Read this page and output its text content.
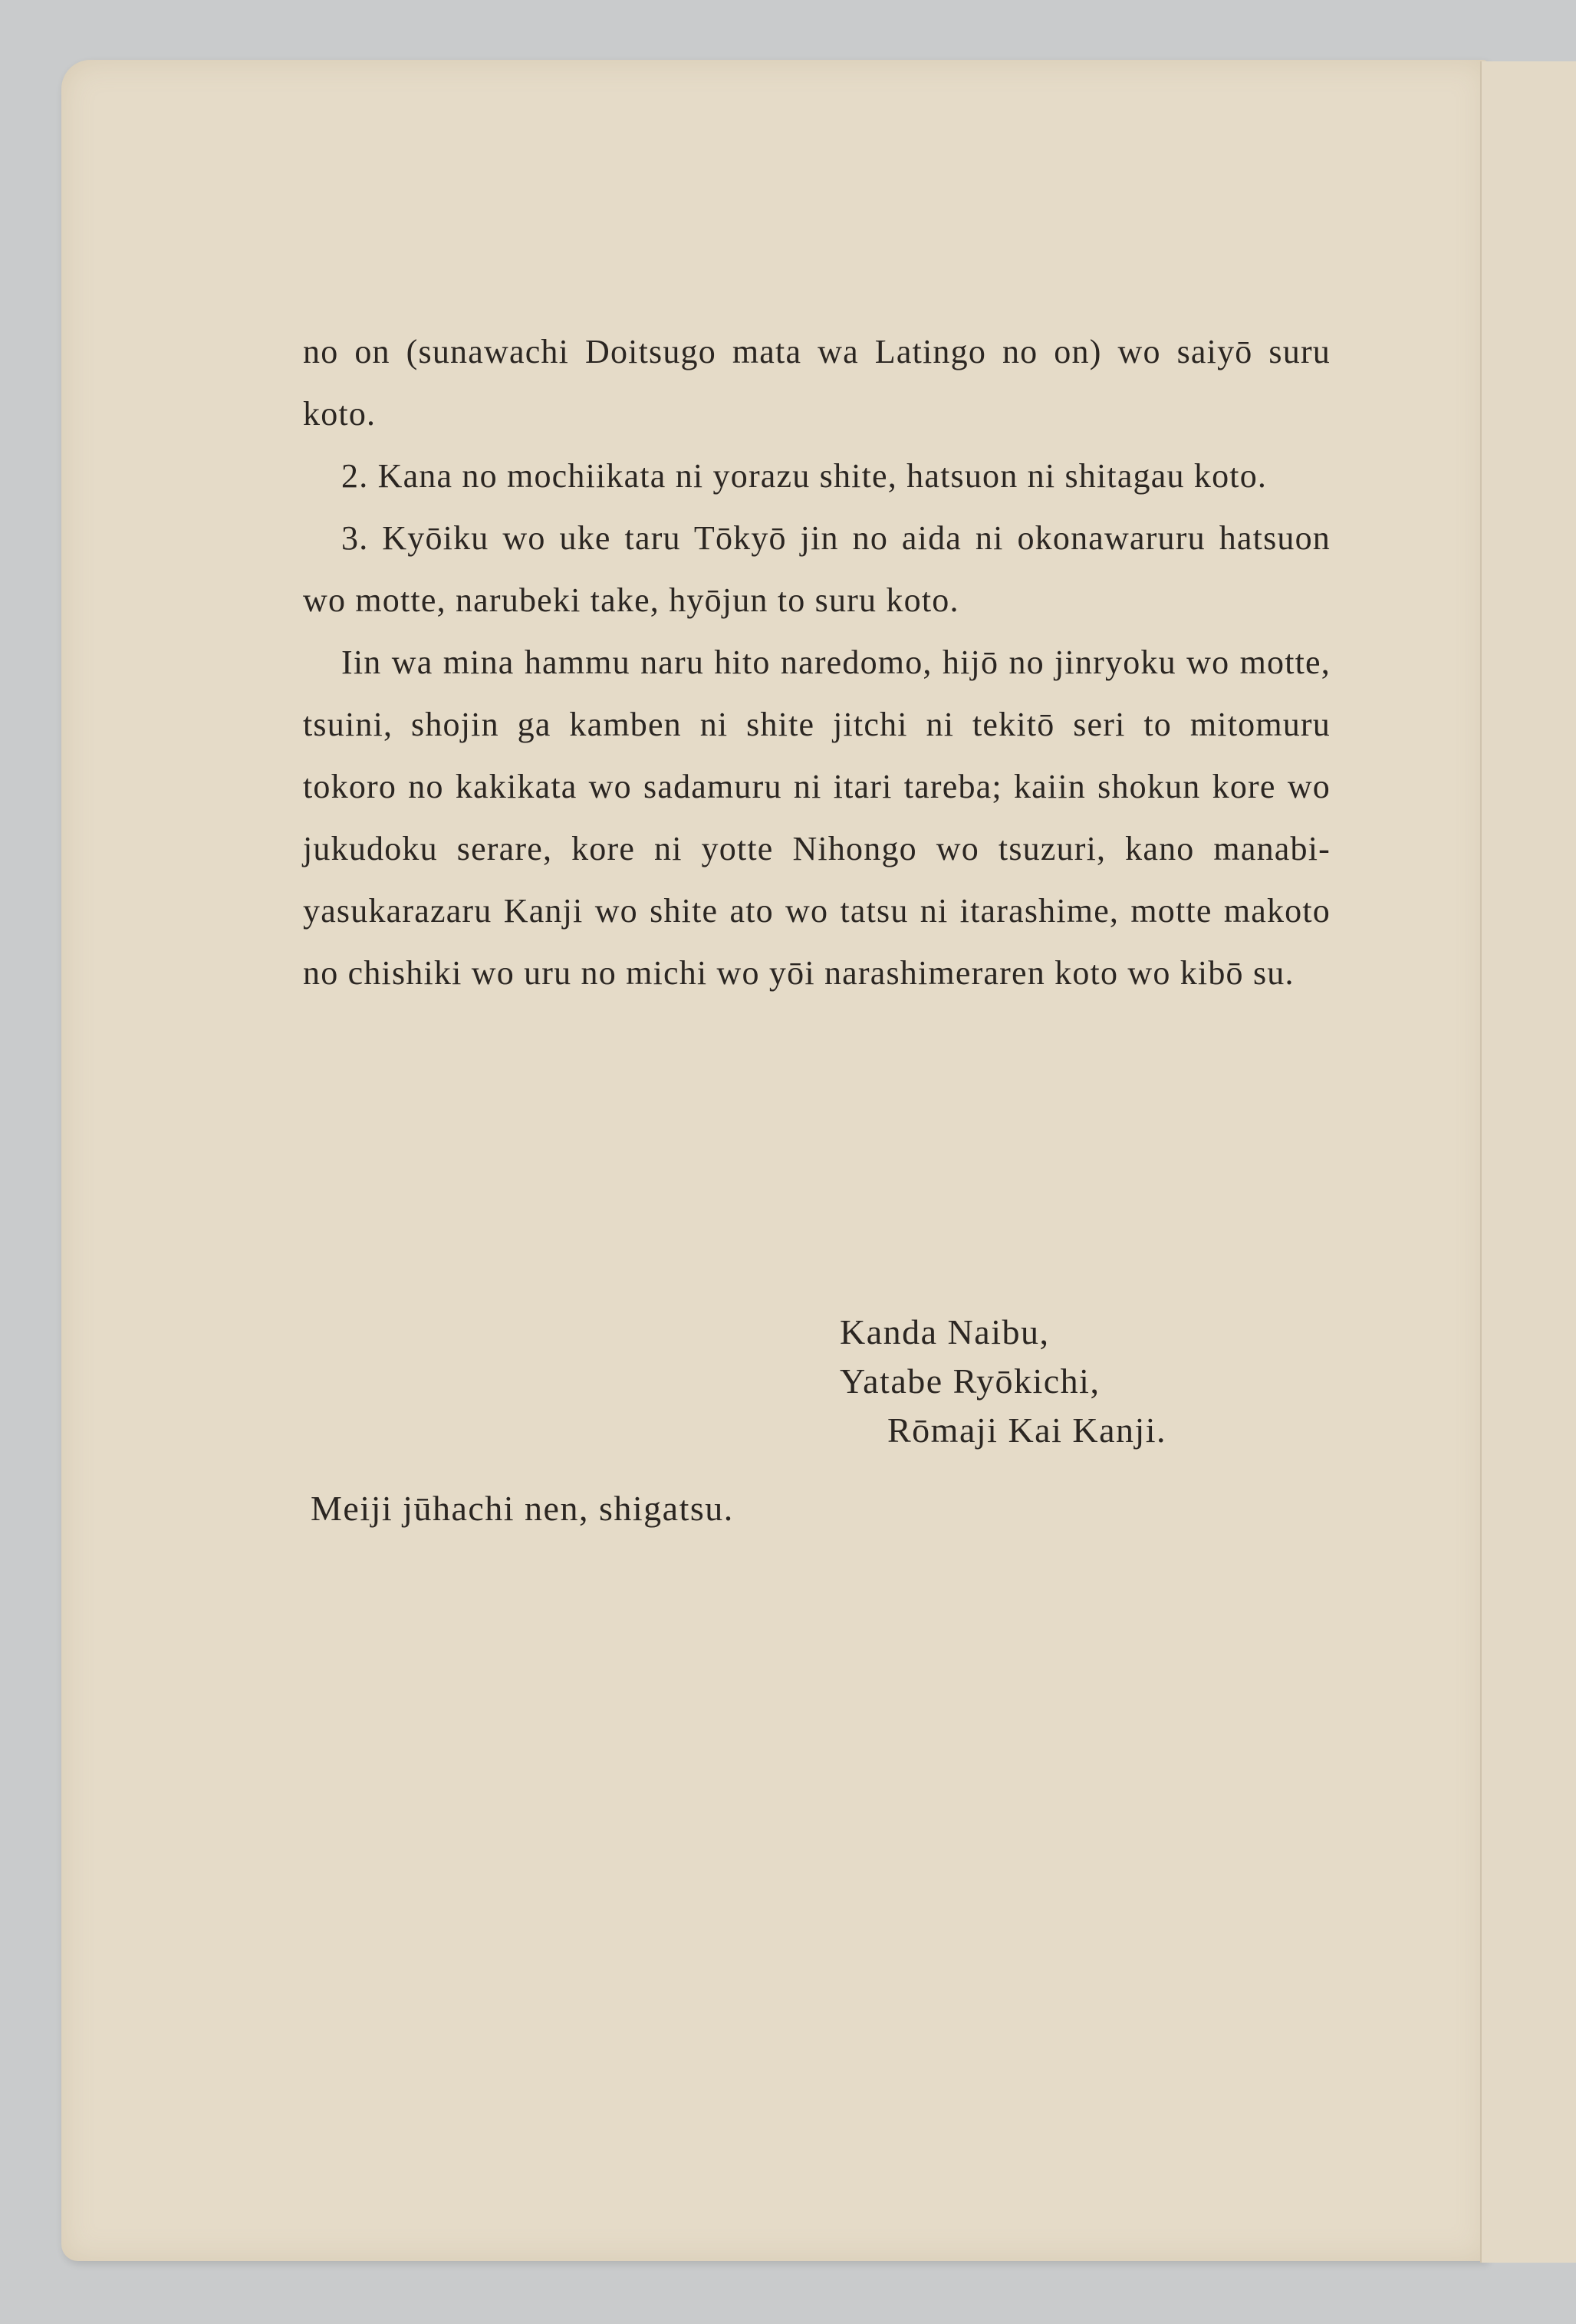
no on (sunawachi Doitsugo mata wa Latingo no on) wo saiyō suru koto.

2. Kana no mochiikata ni yorazu shite, hatsuon ni shitagau koto.

3. Kyōiku wo uke taru Tōkyō jin no aida ni okonawaruru hatsuon wo motte, narubeki take, hyōjun to suru koto.

Iin wa mina hammu naru hito naredomo, hijō no jinryoku wo motte, tsuini, shojin ga kamben ni shite jitchi ni tekitō seri to mitomuru tokoro no kakikata wo sadamuru ni itari tareba; kaiin shokun kore wo jukudoku serare, kore ni yotte Nihongo wo tsuzuri, kano manabi-yasukarazaru Kanji wo shite ato wo tatsu ni itarashime, motte makoto no chishiki wo uru no michi wo yōi narashimeraren koto wo kibō su.

Kanda Naibu,
Yatabe Ryōkichi,
Rōmaji Kai Kanji.
Meiji jūhachi nen, shigatsu.
